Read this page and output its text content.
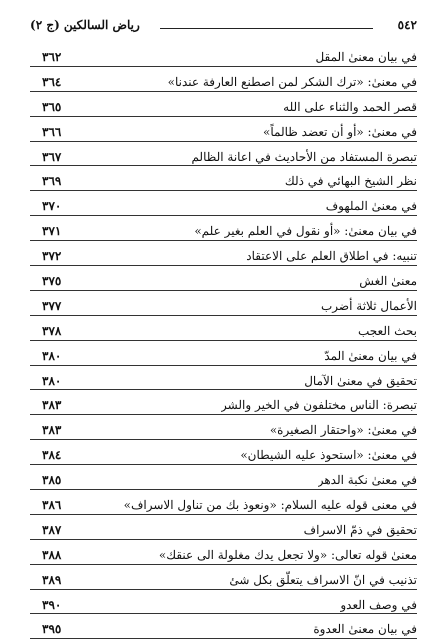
٥٤٢
رياض السالكين (ج ٢)
في بيان معنىٰ المقل
٣٦٢
في معنىٰ: «ترك الشكر لمن اصطنع العارفة عندنا»
٣٦٤
قصر الحمد والثناء على الله
٣٦٥
في معنىٰ: «أو أن تعضد ظالماً»
٣٦٦
تبصرة المستفاد من الأحاديث في اعانة الظالم
٣٦٧
نظر الشيخ البهائي في ذلك
٣٦٩
في معنىٰ الملهوف
٣٧٠
في بيان معنىٰ: «أو نقول في العلم بغير علم»
٣٧١
تنبيه: في اطلاق العلم على الاعتقاد
٣٧٢
معنىٰ الغش
٣٧٥
الأعمال ثلاثة أضرب
٣٧٧
بحث العجب
٣٧٨
في بيان معنىٰ المدّ
٣٨٠
تحقيق في معنىٰ الآمال
٣٨٠
تبصرة: الناس مختلفون في الخير والشر
٣٨٣
في معنىٰ: «واحتقار الصغيرة»
٣٨٣
في معنىٰ: «استحوذ عليه الشيطان»
٣٨٤
في معنىٰ نكبة الدهر
٣٨٥
في معنى قوله عليه السلام: «ونعوذ بك من تناول الاسراف»
٣٨٦
تحقيق في ذمّ الاسراف
٣٨٧
معنىٰ قوله تعالى: «ولا تجعل يدك مغلولة الى عنقك»
٣٨٨
تذنيب في انّ الاسراف يتعلّق بكل شئ
٣٨٩
في وصف العدو
٣٩٠
في بيان معنىٰ العدوة
٣٩٥
